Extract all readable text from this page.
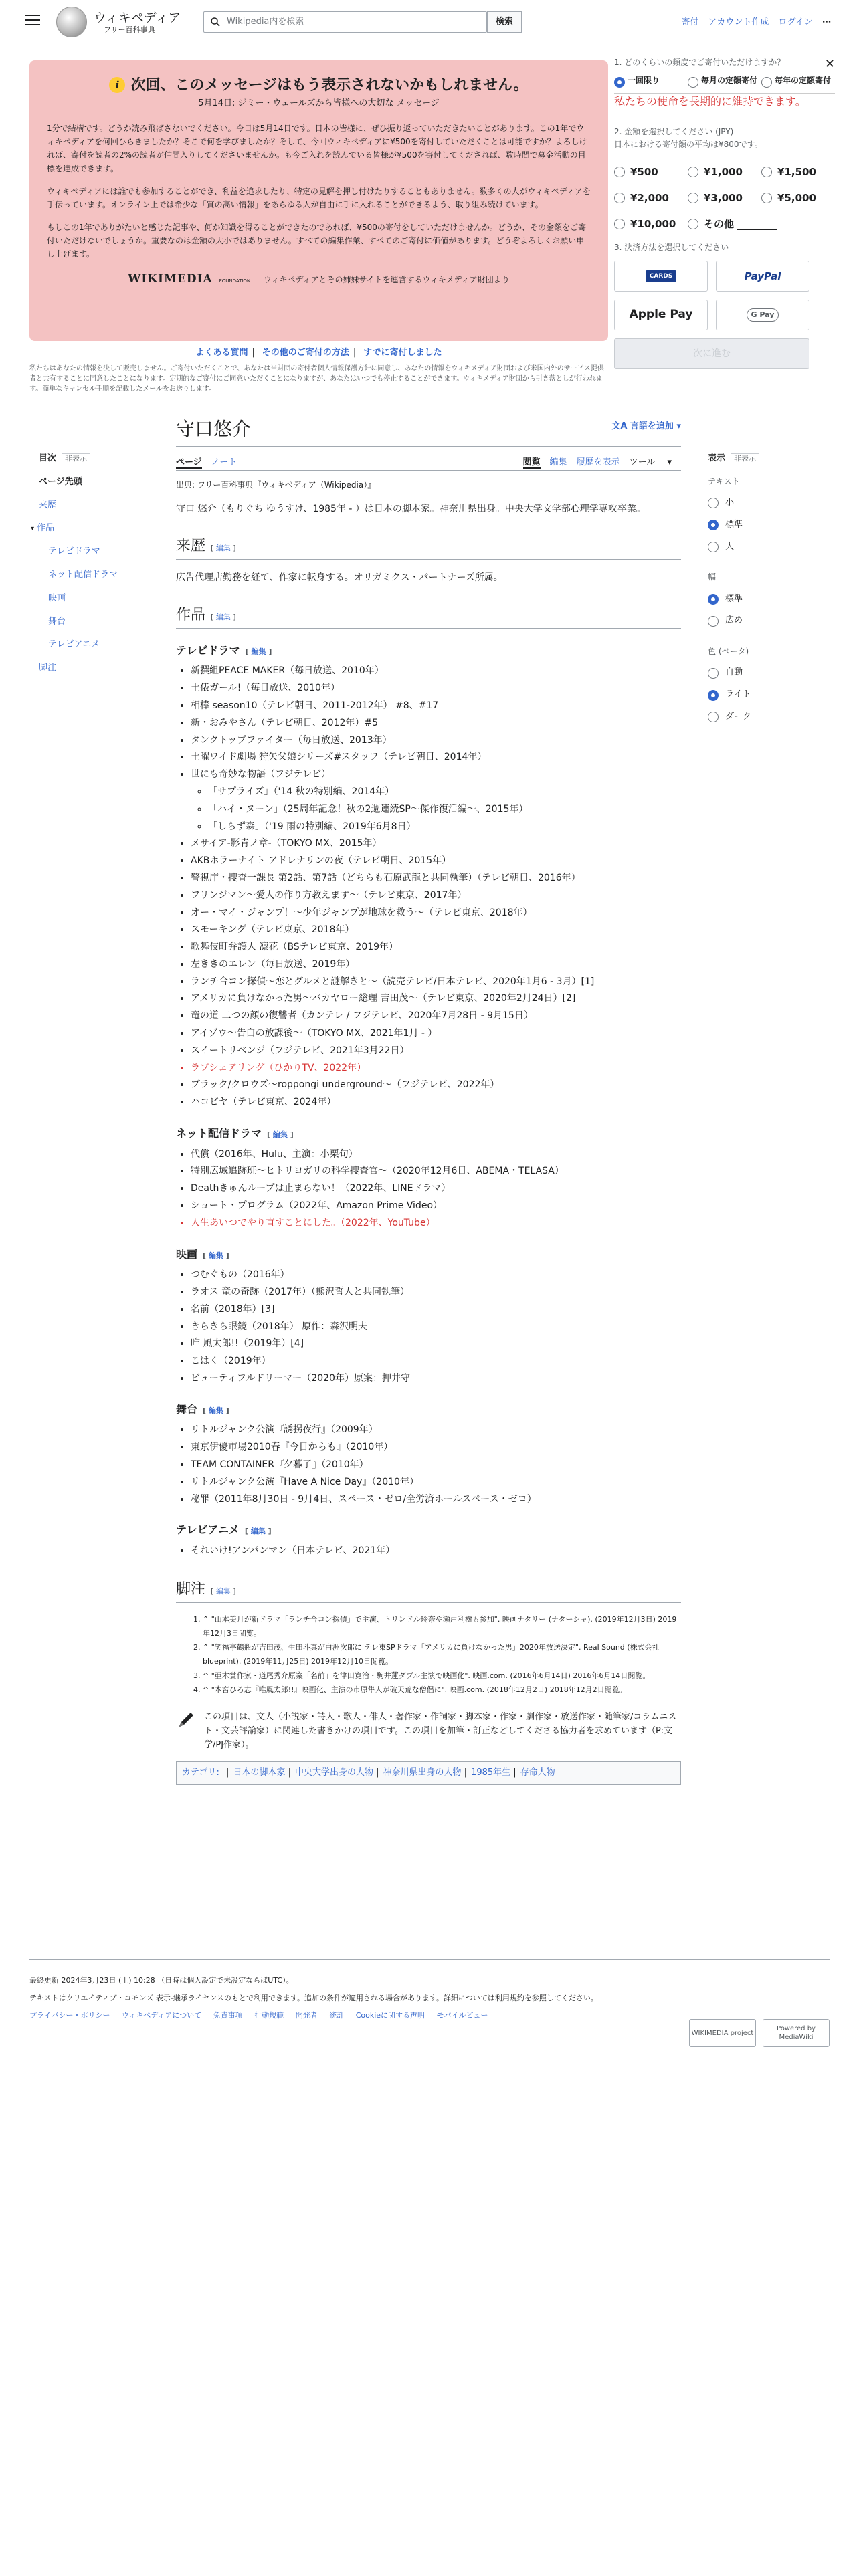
ウィキペディア
フリー百科事典
Wikipedia内を検索	検索	寄付 アカウント作成 ログイン ⋯
i 次回、このメッセージはもう表示されないかもしれません。
5月14日: ジミー・ウェールズから皆様への大切な メッセージ

1分で結構です。どうか読み飛ばさないでください。今日は5月14日です。日本の皆様に、ぜひ振り返っていただきたいことがあります。この1年でウィキペディアを何回ひらきましたか？そこで何を学びましたか？そして、今回ウィキペディアに¥500を寄付していただくことは可能ですか？よろしければ、寄付を読者の2%の読者が仲間入りしてくださいませんか。も今ご入れを読んでいる皆様が¥500を寄付してくだされば、数時間で募金活動の目標を達成できます。

ウィキペディアには誰でも参加することができ、利益を追求したり、特定の見解を押し付けたりすることもありません。数多くの人がウィキペディアを手伝っています。オンライン上では希少な「質の高い情報」をあらゆる人が自由に手に入れることができるよう、取り組み続けています。

もしこの1年でありがたいと感じた記事や、何か知識を得ることができたのであれば、¥500の寄付をしていただけませんか。どうか、その金額をご寄付いただけないでしょうか。重要なのは金額の大小ではありません。すべての編集作業、すべてのご寄付に価値があります。どうぞよろしくお願い申し上げます。

WIKIMEDIA FOUNDATION ウィキペディアとその姉妹サイトを運営するウィキメディア財団より
✕
1. どのくらいの頻度でご寄付いただけますか？
一回限り	毎月の定額寄付 毎年の定額寄付
私たちの使命を長期的に維持できます。
2. 金額を選択してください (JPY)
日本における寄付額の平均は¥800です。
¥500	¥1,000	¥1,500
¥2,000	¥3,000	¥5,000
¥10,000	その他
3. 決済方法を選択してください
CARDS	PayPal
Apple Pay	G Pay
次に進む
よくある質問 | その他のご寄付の方法 | すでに寄付しました
私たちはあなたの情報を決して販売しません。ご寄付いただくことで、あなたは当財団の寄付者個人情報保護方針に同意し、あなたの情報をウィキメディア財団および米国内外のサービス提供者と共有することに同意したことになります。定期的なご寄付にご同意いただくことになりますが、あなたはいつでも停止することができます。ウィキメディア財団から引き落としが行われます。簡単なキャンセル手順を記載したメールをお送りします。
目次 非表示
ページ先頭
来歴
▾ 作品
テレビドラマ
ネット配信ドラマ
映画
舞台
テレビアニメ
脚注
守口悠介	文A 言語を追加 ▾
ページ ノート	閲覧 編集 履歴を表示 ツール ▾
出典: フリー百科事典『ウィキペディア（Wikipedia）』

守口 悠介（もりぐち ゆうすけ、1985年 - ）は日本の脚本家。神奈川県出身。中央大学文学部心理学専攻卒業。

来歴 [ 編集 ]

広告代理店勤務を経て、作家に転身する。オリガミクス・パートナーズ所属。

作品 [ 編集 ]
テレビドラマ [ 編集 ]
• 新撰組PEACE MAKER（毎日放送、2010年）
• 土俵ガール!（毎日放送、2010年）
• 相棒 season10（テレビ朝日、2011-2012年） #8、#17
• 新・おみやさん（テレビ朝日、2012年）#5
• タンクトップファイター（毎日放送、2013年）
• 土曜ワイド劇場 狩矢父娘シリーズ#スタッフ（テレビ朝日、2014年）
• 世にも奇妙な物語（フジテレビ）
◦ 「サプライズ」（'14 秋の特別編、2014年）
◦ 「ハイ・ヌーン」（25周年記念！秋の2週連続SP〜傑作復活編〜、2015年）
◦ 「しらず森」（'19 雨の特別編、2019年6月8日）
• メサイア-影青ノ章-（TOKYO MX、2015年）
• AKBホラーナイト アドレナリンの夜（テレビ朝日、2015年）
• 警視庁・捜査一課長 第2話、第7話（どちらも石原武龍と共同執筆）（テレビ朝日、2016年）
• フリンジマン〜愛人の作り方教えます〜（テレビ東京、2017年）
• オー・マイ・ジャンプ！〜少年ジャンプが地球を救う〜（テレビ東京、2018年）
• スモーキング（テレビ東京、2018年）
• 歌舞伎町弁護人 凛花（BSテレビ東京、2019年）
• 左ききのエレン（毎日放送、2019年）
• ランチ合コン探偵〜恋とグルメと謎解きと〜（読売テレビ/日本テレビ、2020年1月6 - 3月）[1]
• アメリカに負けなかった男〜バカヤロー総理 吉田茂〜（テレビ東京、2020年2月24日）[2]
• 竜の道 二つの顔の復讐者（カンテレ / フジテレビ、2020年7月28日 - 9月15日）
• アイゾウ〜告白の放課後〜（TOKYO MX、2021年1月 - ）
• スイートリベンジ（フジテレビ、2021年3月22日）
• ラブシェアリング（ひかりTV、2022年）
• ブラック/クロウズ〜roppongi underground〜（フジテレビ、2022年）
• ハコビヤ（テレビ東京、2024年）
ネット配信ドラマ [ 編集 ]
• 代償（2016年、Hulu、主演：小栗旬）
• 特別広域追跡班〜ヒトリヨガリの科学捜査官〜（2020年12月6日、ABEMA・TELASA）
• Deathきゅんループは止まらない！（2022年、LINEドラマ）
• ショート・プログラム（2022年、Amazon Prime Video）
• 人生あいつでやり直すことにした。（2022年、YouTube）
映画 [ 編集 ]
• つむぐもの（2016年）
• ラオス 竜の奇跡（2017年）（熊沢誓人と共同執筆）
• 名前（2018年）[3]
• きらきら眼鏡（2018年） 原作：森沢明夫
• 唯 風太郎!!（2019年）[4]
• こはく（2019年）
• ビューティフルドリーマー（2020年）原案：押井守
舞台 [ 編集 ]
• リトルジャンク公演『誘拐夜行』（2009年）
• 東京伊優市場2010春『今日からも』（2010年）
• TEAM CONTAINER『夕暮了』（2010年）
• リトルジャンク公演『Have A Nice Day』（2010年）
• 秘罪（2011年8月30日 - 9月4日、スペース・ゼロ/全労済ホールスペース・ゼロ）
テレビアニメ [ 編集 ]
• それいけ!アンパンマン（日本テレビ、2021年）
脚注 [ 編集 ]
1. ^ "山本美月が新ドラマ「ランチ合コン探偵」で主演、トリンドル玲奈や瀬戸利樹も参加". 映画ナタリー (ナターシャ). (2019年12月3日) 2019年12月3日閲覧。
2. ^ "笑福亭鶴瓶が吉田茂、生田斗真が白洲次郎に テレ東SPドラマ「アメリカに負けなかった男」2020年放送決定". Real Sound (株式会社blueprint). (2019年11月25日) 2019年12月10日閲覧。
3. ^ "亜木賞作家・道尾秀介原案「名前」を津田寛治・駒井蓮ダブル主演で映画化". 映画.com. (2016年6月14日) 2016年6月14日閲覧。
4. ^ "本宮ひろ志『唯風太郎!!』映画化、主演の市原隼人が破天荒な僧侶に". 映画.com. (2018年12月2日) 2018年12月2日閲覧。
この項目は、文人（小説家・詩人・歌人・俳人・著作家・作詞家・脚本家・作家・劇作家・放送作家・随筆家/コラムニスト・文芸評論家）に関連した書きかけの項目です。この項目を加筆・訂正などしてくださる協力者を求めています（P:文学/PJ作家）。
カテゴリ: | 日本の脚本家 | 中央大学出身の人物 | 神奈川県出身の人物 | 1985年生 | 存命人物
表示 非表示
テキスト
小
標準
大
幅
標準
広め
色 (ベータ)
自動
ライト
ダーク
最終更新 2024年3月23日 (土) 10:28 （日時は個人設定で未設定ならばUTC）。
テキストはクリエイティブ・コモンズ 表示-継承ライセンスのもとで利用できます。追加の条件が適用される場合があります。詳細については利用規約を参照してください。
プライバシー・ポリシー ウィキペディアについて 免責事項 行動規範 開発者 統計 Cookieに関する声明 モバイルビュー
WIKIMEDIA project
Powered by MediaWiki
